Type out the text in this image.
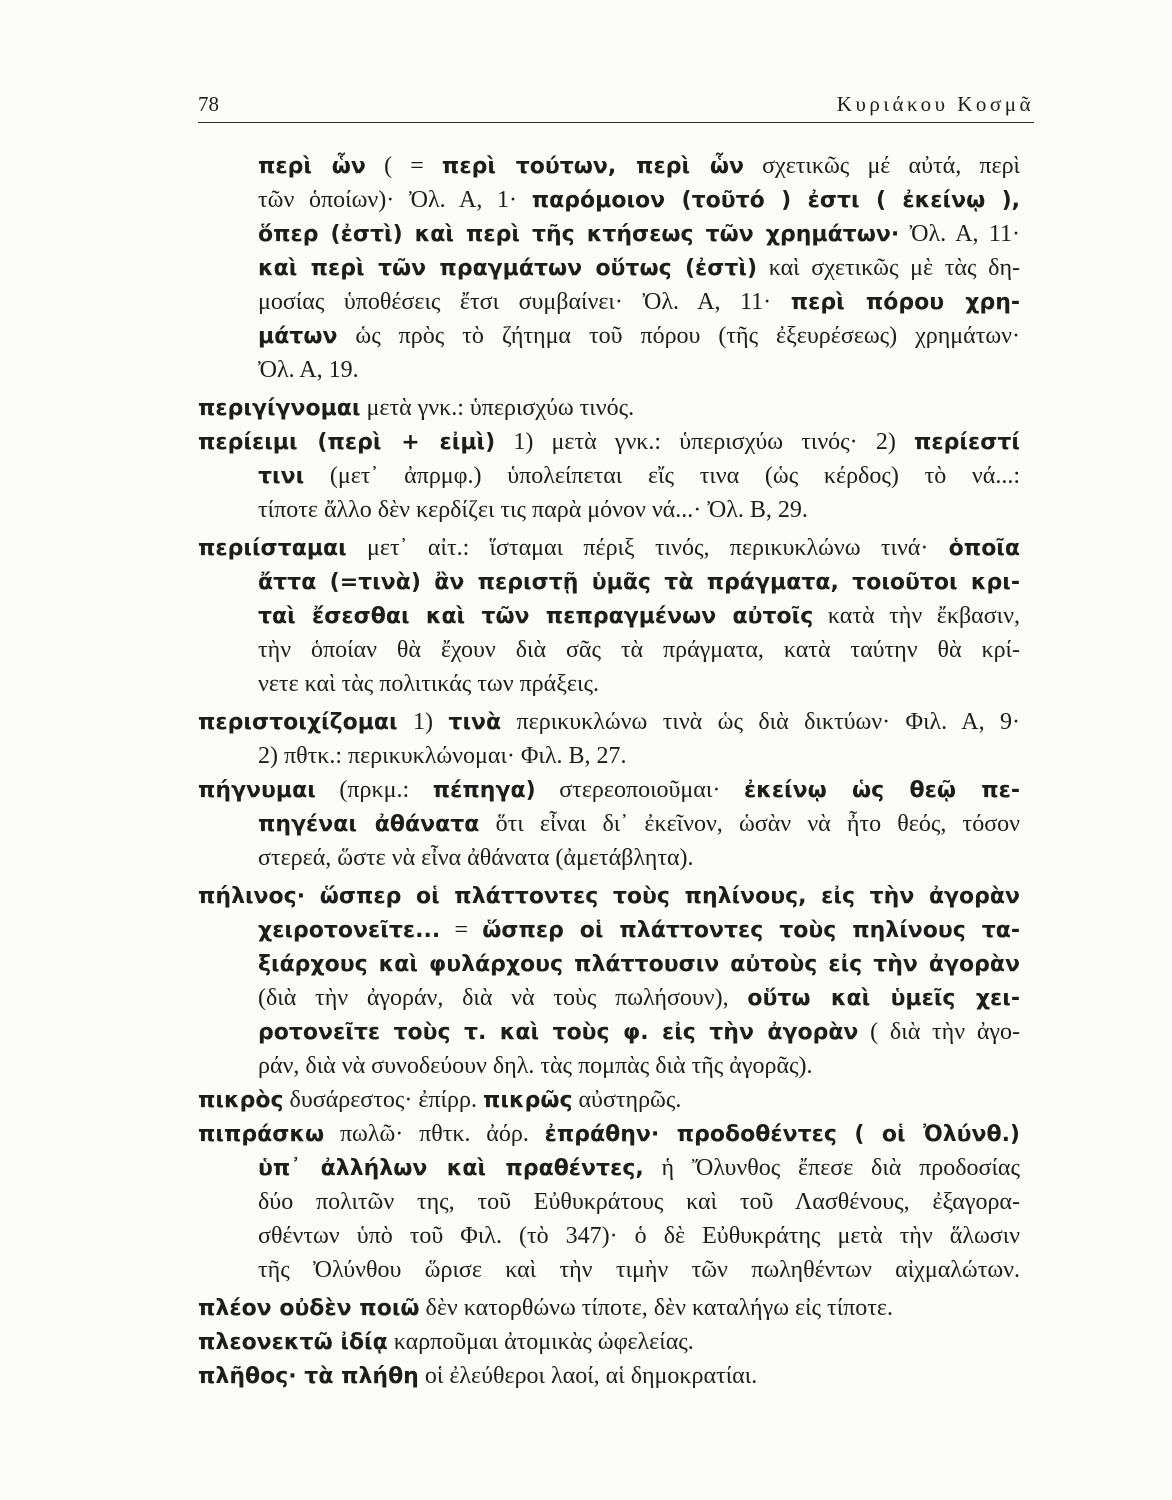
78	Κυριάκου Κοσμᾶ
περὶ ὧν ( = περὶ τούτων, περὶ ὧν σχετικῶς μέ αὐτά, περὶ
τῶν ὁποίων)· Ὀλ. Α, 1· παρόμοιον (τοῦτό ) ἐστι ( ἐκείνῳ ),
ὅπερ (ἐστὶ) καὶ περὶ τῆς κτήσεως τῶν χρημάτων· Ὀλ. Α, 11·
καὶ περὶ τῶν πραγμάτων οὕτως (ἐστὶ) καὶ σχετικῶς μὲ τὰς δη-
μοσίας ὑποθέσεις ἔτσι συμβαίνει· Ὀλ. Α, 11· περὶ πόρου χρη-
μάτων ὡς πρὸς τὸ ζήτημα τοῦ πόρου (τῆς ἐξευρέσεως) χρημάτων·
Ὀλ. Α, 19.
περιγίγνομαι μετὰ γνκ.: ὑπερισχύω τινός.
περίειμι (περὶ + εἰμὶ) 1) μετὰ γνκ.: ὑπερισχύω τινός· 2) περίεστί
τινι (μετ᾽ ἀπρμφ.) ὑπολείπεται εἴς τινα (ὡς κέρδος) τὸ νά...:
τίποτε ἄλλο δὲν κερδίζει τις παρὰ μόνον νά...· Ὀλ. Β, 29.
περιίσταμαι μετ᾽ αἰτ.: ἵσταμαι πέριξ τινός, περικυκλώνω τινά· ὁποῖα
ἄττα (=τινὰ) ἂν περιστῇ ὑμᾶς τὰ πράγματα, τοιοῦτοι κρι-
ταὶ ἔσεσθαι καὶ τῶν πεπραγμένων αὐτοῖς κατὰ τὴν ἔκβασιν,
τὴν ὁποίαν θὰ ἔχουν διὰ σᾶς τὰ πράγματα, κατὰ ταύτην θὰ κρί-
νετε καὶ τὰς πολιτικάς των πράξεις.
περιστοιχίζομαι 1) τινὰ περικυκλώνω τινὰ ὡς διὰ δικτύων· Φιλ. Α, 9·
2) πθτκ.: περικυκλώνομαι· Φιλ. Β, 27.
πήγνυμαι (πρκμ.: πέπηγα) στερεοποιοῦμαι· ἐκείνῳ ὡς θεῷ πε-
πηγέναι ἀθάνατα ὅτι εἶναι δι᾽ ἐκεῖνον, ὡσὰν νὰ ἦτο θεός, τόσον
στερεά, ὥστε νὰ εἶνα ἀθάνατα (ἀμετάβλητα).
πήλινος· ὥσπερ οἱ πλάττοντες τοὺς πηλίνους, εἰς τὴν ἀγορὰν
χειροτονεῖτε... = ὥσπερ οἱ πλάττοντες τοὺς πηλίνους τα-
ξιάρχους καὶ φυλάρχους πλάττουσιν αὐτοὺς εἰς τὴν ἀγορὰν
(διὰ τὴν ἀγοράν, διὰ νὰ τοὺς πωλήσουν), οὕτω καὶ ὑμεῖς χει-
ροτονεῖτε τοὺς τ. καὶ τοὺς φ. εἰς τὴν ἀγορὰν ( διὰ τὴν ἀγο-
ράν, διὰ νὰ συνοδεύουν δηλ. τὰς πομπὰς διὰ τῆς ἀγορᾶς).
πικρὸς δυσάρεστος· ἐπίρρ. πικρῶς αὐστηρῶς.
πιπράσκω πωλῶ· πθτκ. ἀόρ. ἐπράθην· προδοθέντες ( οἱ Ὀλύνθ.)
ὑπ᾽ ἀλλήλων καὶ πραθέντες, ἡ Ὄλυνθος ἔπεσε διὰ προδοσίας
δύο πολιτῶν της, τοῦ Εὐθυκράτους καὶ τοῦ Λασθένους, ἐξαγορα-
σθέντων ὑπὸ τοῦ Φιλ. (τὸ 347)· ὁ δὲ Εὐθυκράτης μετὰ τὴν ἅλωσιν
τῆς Ὀλύνθου ὥρισε καὶ τὴν τιμὴν τῶν πωληθέντων αἰχμαλώτων.
πλέον οὐδὲν ποιῶ δὲν κατορθώνω τίποτε, δὲν καταλήγω εἰς τίποτε.
πλεονεκτῶ ἰδίᾳ καρποῦμαι ἀτομικὰς ὠφελείας.
πλῆθος· τὰ πλήθη οἱ ἐλεύθεροι λαοί, αἱ δημοκρατίαι.
